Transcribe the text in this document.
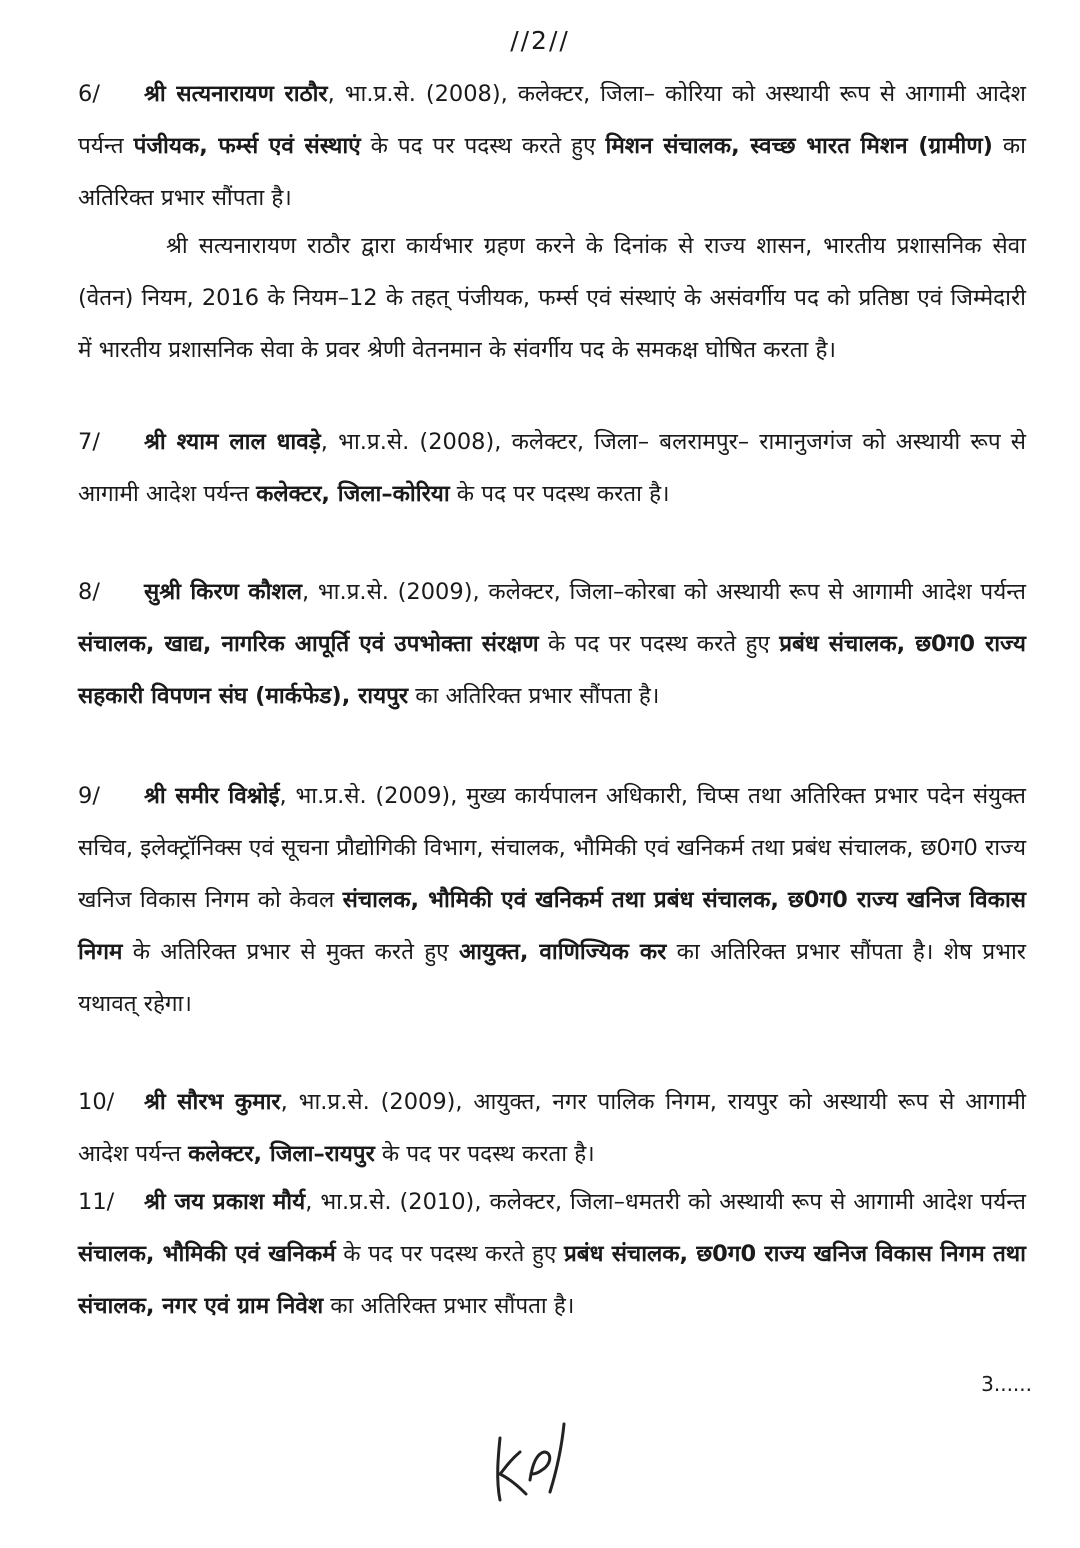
//2//
6/ श्री सत्यनारायण राठौर, भा.प्र.से. (2008), कलेक्टर, जिला– कोरिया को अस्थायी रूप से आगामी आदेश पर्यन्त पंजीयक, फर्म्स एवं संस्थाएं के पद पर पदस्थ करते हुए मिशन संचालक, स्वच्छ भारत मिशन (ग्रामीण) का अतिरिक्त प्रभार सौंपता है।
श्री सत्यनारायण राठौर द्वारा कार्यभार ग्रहण करने के दिनांक से राज्य शासन, भारतीय प्रशासनिक सेवा (वेतन) नियम, 2016 के नियम–12 के तहत् पंजीयक, फर्म्स एवं संस्थाएं के असंवर्गीय पद को प्रतिष्ठा एवं जिम्मेदारी में भारतीय प्रशासनिक सेवा के प्रवर श्रेणी वेतनमान के संवर्गीय पद के समकक्ष घोषित करता है।
7/ श्री श्याम लाल धावड़े, भा.प्र.से. (2008), कलेक्टर, जिला– बलरामपुर– रामानुजगंज को अस्थायी रूप से आगामी आदेश पर्यन्त कलेक्टर, जिला–कोरिया के पद पर पदस्थ करता है।
8/ सुश्री किरण कौशल, भा.प्र.से. (2009), कलेक्टर, जिला–कोरबा को अस्थायी रूप से आगामी आदेश पर्यन्त संचालक, खाद्य, नागरिक आपूर्ति एवं उपभोक्ता संरक्षण के पद पर पदस्थ करते हुए प्रबंध संचालक, छ0ग0 राज्य सहकारी विपणन संघ (मार्कफेड), रायपुर का अतिरिक्त प्रभार सौंपता है।
9/ श्री समीर विश्नोई, भा.प्र.से. (2009), मुख्य कार्यपालन अधिकारी, चिप्स तथा अतिरिक्त प्रभार पदेन संयुक्त सचिव, इलेक्ट्रॉनिक्स एवं सूचना प्रौद्योगिकी विभाग, संचालक, भौमिकी एवं खनिकर्म तथा प्रबंध संचालक, छ0ग0 राज्य खनिज विकास निगम को केवल संचालक, भौमिकी एवं खनिकर्म तथा प्रबंध संचालक, छ0ग0 राज्य खनिज विकास निगम के अतिरिक्त प्रभार से मुक्त करते हुए आयुक्त, वाणिज्यिक कर का अतिरिक्त प्रभार सौंपता है। शेष प्रभार यथावत् रहेगा।
10/ श्री सौरभ कुमार, भा.प्र.से. (2009), आयुक्त, नगर पालिक निगम, रायपुर को अस्थायी रूप से आगामी आदेश पर्यन्त कलेक्टर, जिला–रायपुर के पद पर पदस्थ करता है।
11/ श्री जय प्रकाश मौर्य, भा.प्र.से. (2010), कलेक्टर, जिला–धमतरी को अस्थायी रूप से आगामी आदेश पर्यन्त संचालक, भौमिकी एवं खनिकर्म के पद पर पदस्थ करते हुए प्रबंध संचालक, छ0ग0 राज्य खनिज विकास निगम तथा संचालक, नगर एवं ग्राम निवेश का अतिरिक्त प्रभार सौंपता है।
3......
